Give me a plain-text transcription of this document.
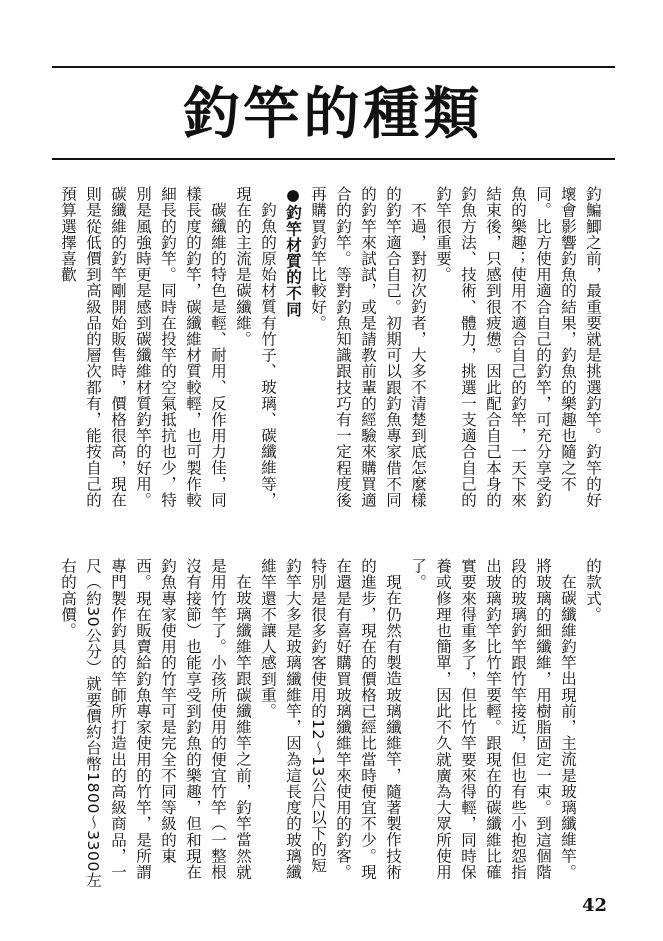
釣竿的種類

釣鯿鯽之前，最重要就是挑選釣竿。釣竿的好壞會影響釣魚的結果，釣魚的樂趣也隨之不同。比方使用適合自己的釣竿，可充分享受釣魚的樂趣；使用不適合自己的釣竿，一天下來結束後，只感到很疲憊。因此配合自己本身的釣魚方法、技術、體力，挑選一支適合自己的釣竿很重要。

不過，對初次釣者，大多不清楚到底怎麼樣的釣竿適合自己。初期可以跟釣魚專家借不同的釣竿來試試，或是請教前輩的經驗來購買適合的釣竿。等對釣魚知識跟技巧有一定程度後再購買釣竿比較好。

●釣竿材質的不同

釣魚的原始材質有竹子、玻璃、碳纖維等，現在的主流是碳纖維。

碳纖維的特色是輕、耐用、反作用力佳，同樣長度的釣竿，碳纖維材質較輕，也可製作較細長的釣竿。同時在投竿的空氣抵抗也少，特別是風強時更是感到碳纖維材質釣竿的好用。碳纖維的釣竿剛開始販售時，價格很高，現在則是從低價到高級品的層次都有，能按自己的預算選擇喜歡

的款式。

在碳纖維釣竿出現前，主流是玻璃纖維竿。將玻璃的細纖維，用樹脂固定一束。到這個階段的玻璃釣竿跟竹竿接近，但也有些小抱怨指出玻璃釣竿比竹竿要輕。跟現在的碳纖維比確實要來得重多了，但比竹竿要來得輕，同時保養或修理也簡單，因此不久就廣為大眾所使用了。

現在仍然有製造玻璃纖維竿，隨著製作技術的進步，現在的價格已經比當時便宜不少。現在還是有喜好購買玻璃纖維竿來使用的釣客。特別是很多釣客使用的12～13公尺以下的短釣竿大多是玻璃纖維竿，因為這長度的玻璃纖維竿還不讓人感到重。

在玻璃纖維竿跟碳纖維竿之前，釣竿當然就是用竹竿了。小孩所使用的便宜竹竿（一整根沒有接節）也能享受到釣魚的樂趣，但和現在釣魚專家使用的竹竿可是完全不同等級的東西。現在販賣給釣魚專家使用的竹竿，是所謂專門製作釣具的竿師所打造出的高級商品，一尺（約30公分）就要價約台幣1800～3300左右的高價。

42
